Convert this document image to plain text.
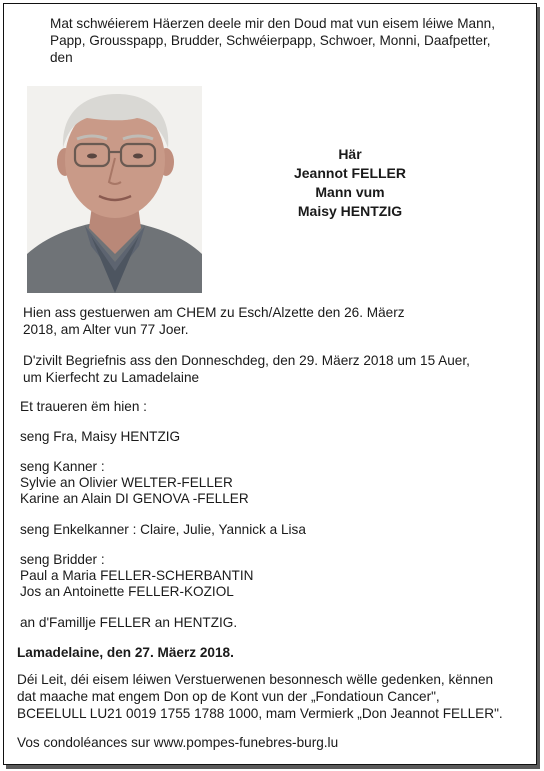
Mat schwéierem Häerzen deele mir den Doud mat vun eisem léiwe Mann,

Papp, Grousspapp, Brudder, Schwéierpapp, Schwoer, Monni, Daafpetter,

den

Här
Jeannot FELLER
Mann vum
Maisy HENTZIG

Hien ass gestuerwen am CHEM zu Esch/Alzette den 26. Mäerz

2018, am Alter vun 77 Joer.

D'zivilt Begriefnis ass den Donneschdeg, den 29. Mäerz 2018 um 15 Auer,

um Kierfecht zu Lamadelaine

Et traueren ëm hien :

seng Fra, Maisy HENTZIG

seng Kanner :

Sylvie an Olivier WELTER-FELLER

Karine an Alain DI GENOVA -FELLER

seng Enkelkanner : Claire, Julie, Yannick a Lisa

seng Bridder :

Paul a Maria FELLER-SCHERBANTIN

Jos an Antoinette FELLER-KOZIOL

an d'Famillje FELLER an HENTZIG.

Lamadelaine, den 27. Mäerz 2018.

Déi Leit, déi eisem léiwen Verstuerwenen besonnesch wëlle gedenken, kënnen

dat maache mat engem Don op de Kont vun der „Fondatioun Cancer",

BCEELULL LU21 0019 1755 1788 1000, mam Vermierk „Don Jeannot FELLER".

Vos condoléances sur www.pompes-funebres-burg.lu
